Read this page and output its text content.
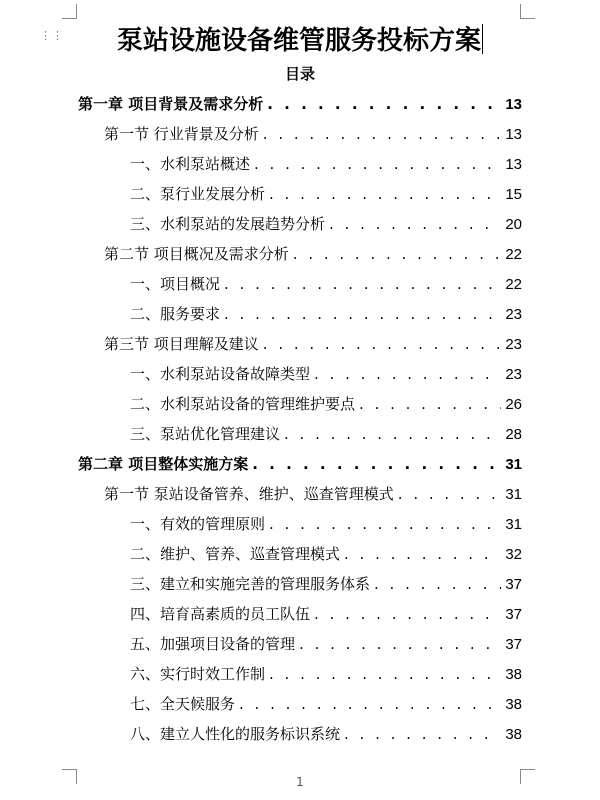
⋮⋮	泵站设施设备维管服务投标方案
目录
第一章 项目背景及需求分析 . . .	13
第一节 行业背景及分析 . . .	13
一、水利泵站概述 . . .	13
二、泵行业发展分析 . . .	15
三、水利泵站的发展趋势分析 . . .	20
第二节 项目概况及需求分析 . . .	22
一、项目概况 . . .	22
二、服务要求 . . .	23
第三节 项目理解及建议 . . .	23
一、水利泵站设备故障类型 . . .	23
二、水利泵站设备的管理维护要点 . . .	26
三、泵站优化管理建议 . . .	28
第二章 项目整体实施方案 . . .	31
第一节 泵站设备管养、维护、巡查管理模式 . . .	31
一、有效的管理原则 . . .	31
二、维护、管养、巡查管理模式 . . .	32
三、建立和实施完善的管理服务体系 . . .	37
四、培育高素质的员工队伍 . . .	37
五、加强项目设备的管理 . . .	37
六、实行时效工作制 . . .	38
七、全天候服务 . . .	38
八、建立人性化的服务标识系统 . . .	38
1
